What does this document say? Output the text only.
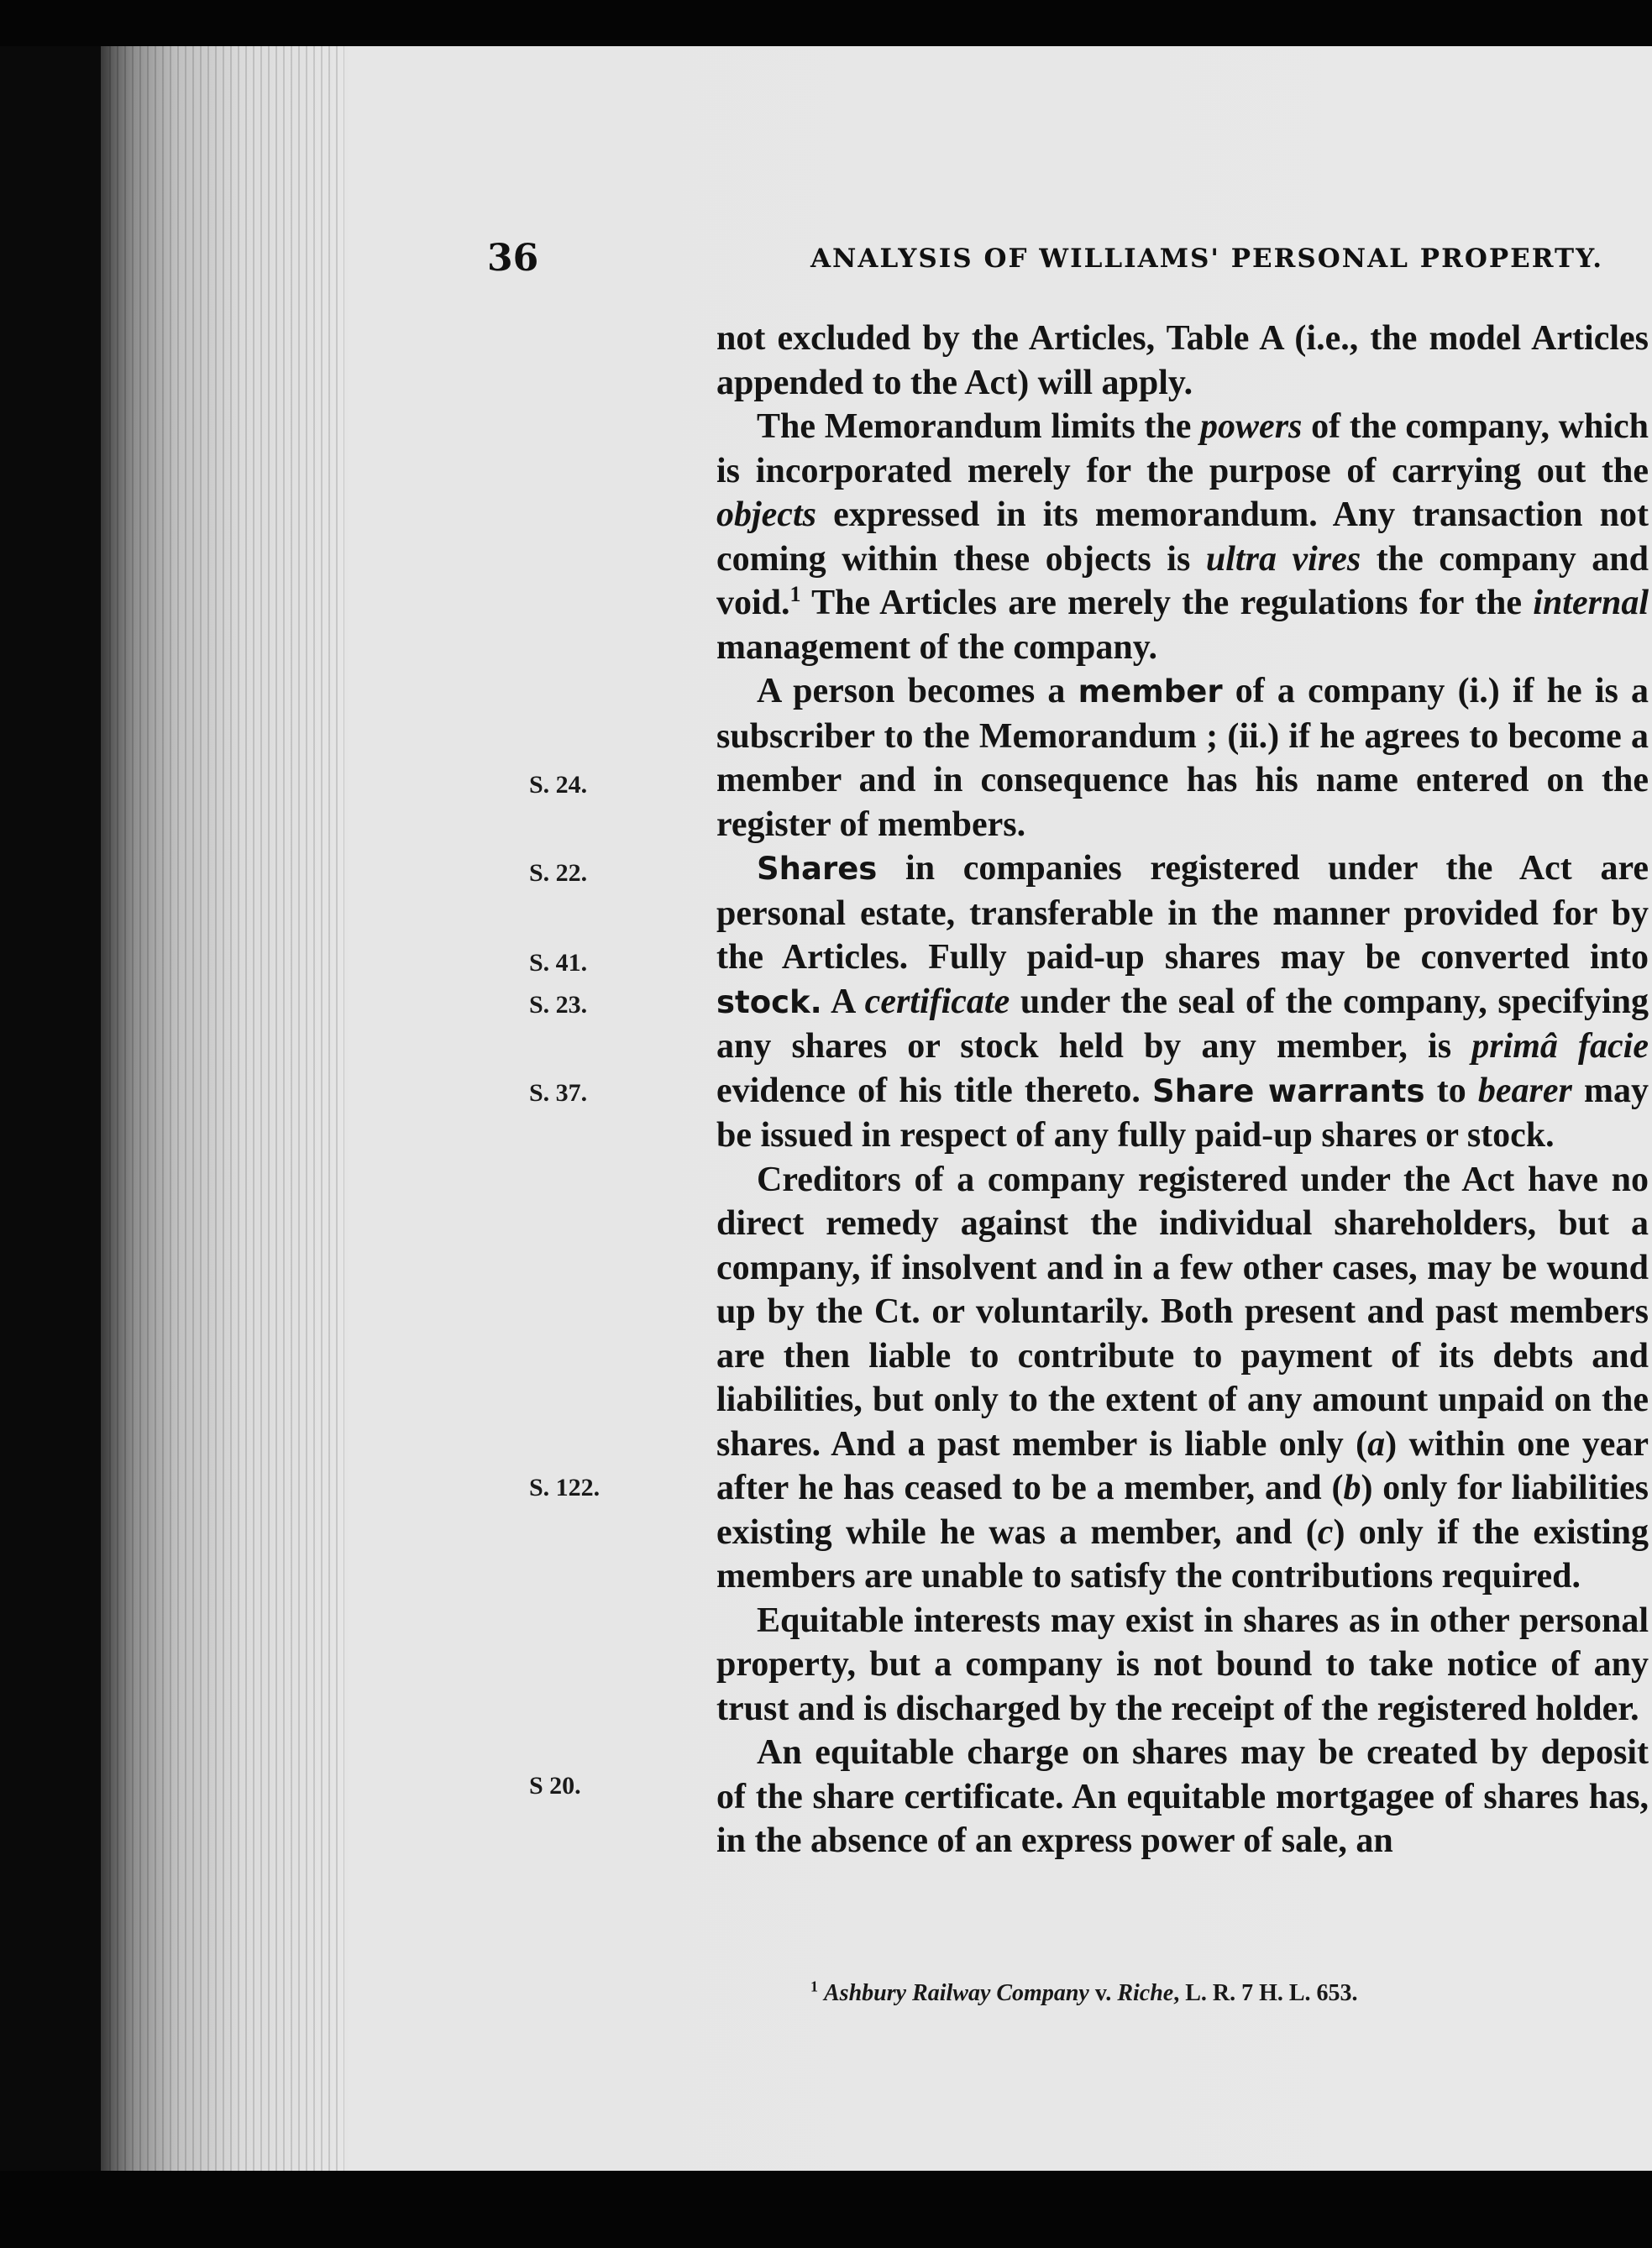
36	ANALYSIS OF WILLIAMS' PERSONAL PROPERTY.

not excluded by the Articles, Table A (i.e., the model Articles appended to the Act) will apply.

The Memorandum limits the powers of the company, which is incorporated merely for the purpose of carrying out the objects expressed in its memorandum. Any transaction not coming within these objects is ultra vires the company and void.$^1$ The Articles are merely the regulations for the internal management of the company.

A person becomes a member of a company (i.) if he is a subscriber to the Memorandum ; (ii.) if he agrees to become a member and in consequence has his name entered on the register of members.

Shares in companies registered under the Act are personal estate, transferable in the manner provided for by the Articles. Fully paid-up shares may be converted into stock. A certificate under the seal of the company, specifying any shares or stock held by any member, is primâ facie evidence of his title thereto. Share warrants to bearer may be issued in respect of any fully paid-up shares or stock.

Creditors of a company registered under the Act have no direct remedy against the individual shareholders, but a company, if insolvent and in a few other cases, may be wound up by the Ct. or voluntarily. Both present and past members are then liable to contribute to payment of its debts and liabilities, but only to the extent of any amount unpaid on the shares. And a past member is liable only (a) within one year after he has ceased to be a member, and (b) only for liabilities existing while he was a member, and (c) only if the existing members are unable to satisfy the contributions required.

Equitable interests may exist in shares as in other personal property, but a company is not bound to take notice of any trust and is discharged by the receipt of the registered holder.

An equitable charge on shares may be created by deposit of the share certificate. An equitable mortgagee of shares has, in the absence of an express power of sale, an

S. 24.
S. 22.
S. 41.
S. 23.
S. 37.
S. 122.
S 20.
$^1$ Ashbury Railway Company v. Riche, L. R. 7 H. L. 653.
